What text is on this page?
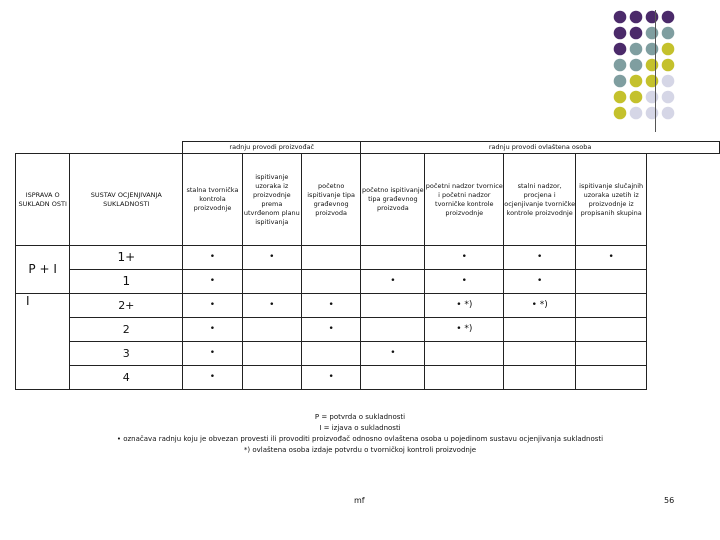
		radnju provodi proizvođač			radnju provodi ovlaštena osoba				
ISPRAVA O SUKLADN OSTI	SUSTAV OCJENJIVANJA SUKLADNOSTI	stalna tvornička kontrola proizvodnje	ispitivanje uzoraka iz proizvodnje prema utvrđenom planu ispitivanja	početno ispitivanje tipa građevnog proizvoda	početno ispitivanje tipa građevnog proizvoda	početni nadzor tvornice i početni nadzor tvorničke kontrole proizvodnje	stalni nadzor, procjena i ocjenjivanje tvorničke kontrole proizvodnje	ispitivanje slučajnih uzoraka uzetih iz proizvodnje iz propisanih skupina	
P + I	1+	•	•			•	•	•	
	1	•			•	•	•		
I	2+	•	•	•		• *)	• *)		
	2	•		•		• *)			
	3	•			•				
	4	•		•					
P = potvrda o sukladnosti
I = izjava o sukladnosti
• označava radnju koju je obvezan provesti ili provoditi proizvođač odnosno ovlaštena osoba u pojedinom sustavu ocjenjivanja sukladnosti
*) ovlaštena osoba izdaje potvrdu o tvorničkoj kontroli proizvodnje
mf	56
